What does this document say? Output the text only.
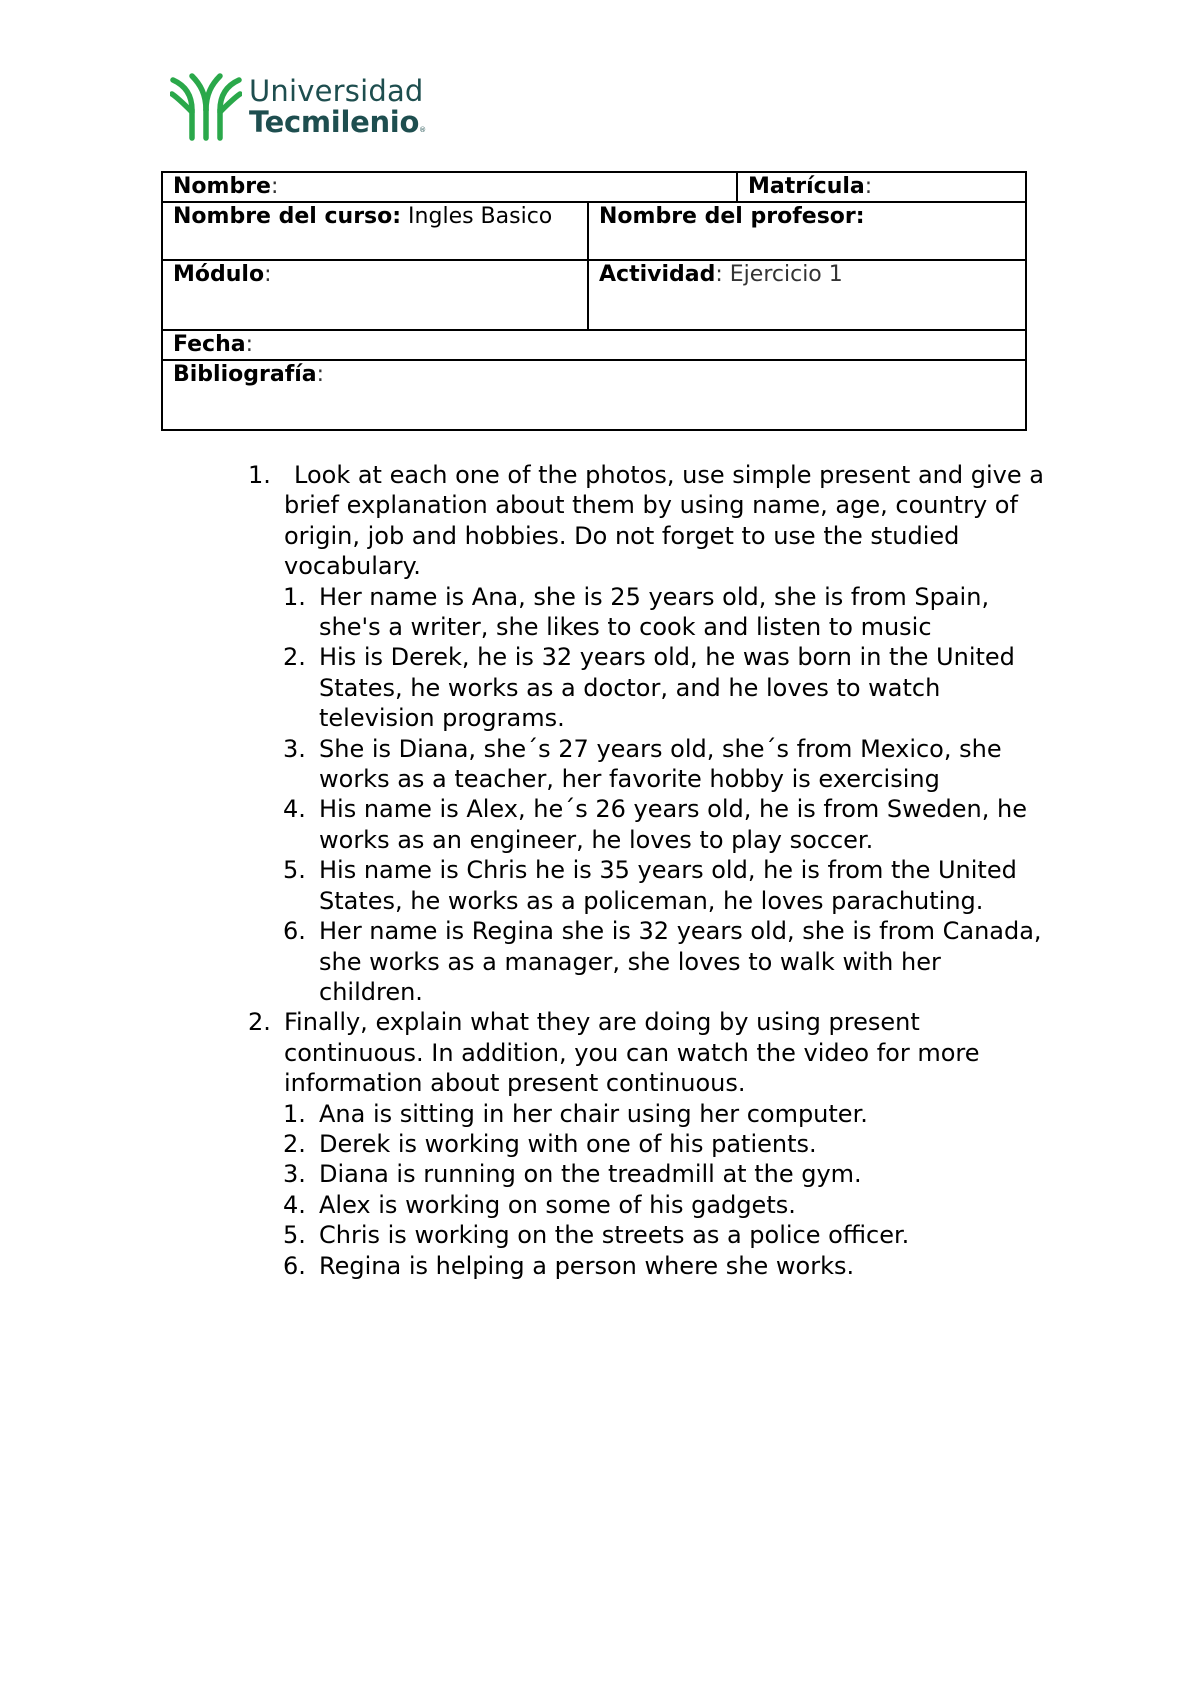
Universidad
Tecmilenio®
Nombre:		Matrícula:
Nombre del curso: Ingles Basico	Nombre del profesor:	
Módulo:	Actividad: Ejercicio 1	
Fecha:		
Bibliografía:		
1. Look at each one of the photos, use simple present and give a brief explanation about them by using name, age, country of origin, job and hobbies. Do not forget to use the studied vocabulary.
1. Her name is Ana, she is 25 years old, she is from Spain, she's a writer, she likes to cook and listen to music
2. His is Derek, he is 32 years old, he was born in the United States, he works as a doctor, and he loves to watch television programs.
3. She is Diana, she´s 27 years old, she´s from Mexico, she works as a teacher, her favorite hobby is exercising
4. His name is Alex, he´s 26 years old, he is from Sweden, he works as an engineer, he loves to play soccer.
5. His name is Chris he is 35 years old, he is from the United States, he works as a policeman, he loves parachuting.
6. Her name is Regina she is 32 years old, she is from Canada, she works as a manager, she loves to walk with her children.
2. Finally, explain what they are doing by using present continuous. In addition, you can watch the video for more information about present continuous.
1. Ana is sitting in her chair using her computer.
2. Derek is working with one of his patients.
3. Diana is running on the treadmill at the gym.
4. Alex is working on some of his gadgets.
5. Chris is working on the streets as a police officer.
6. Regina is helping a person where she works.
